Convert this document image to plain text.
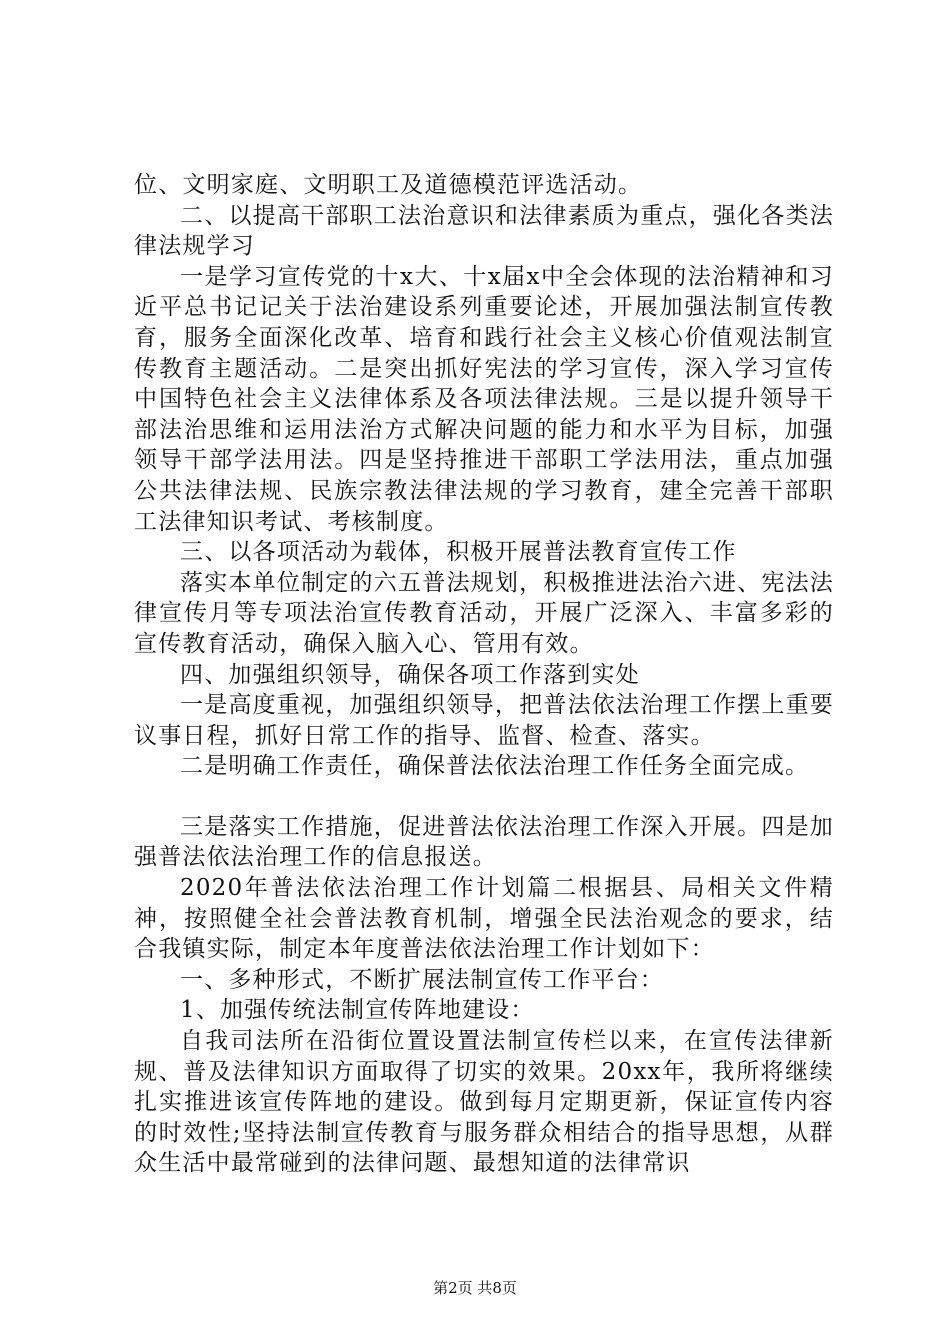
位、文明家庭、文明职工及道德模范评选活动。

二、以提高干部职工法治意识和法律素质为重点，强化各类法律法规学习

一是学习宣传党的十x大、十x届x中全会体现的法治精神和习近平总书记记关于法治建设系列重要论述，开展加强法制宣传教育，服务全面深化改革、培育和践行社会主义核心价值观法制宣传教育主题活动。二是突出抓好宪法的学习宣传，深入学习宣传中国特色社会主义法律体系及各项法律法规。三是以提升领导干部法治思维和运用法治方式解决问题的能力和水平为目标，加强领导干部学法用法。四是坚持推进干部职工学法用法，重点加强公共法律法规、民族宗教法律法规的学习教育，建全完善干部职工法律知识考试、考核制度。

三、以各项活动为载体，积极开展普法教育宣传工作

落实本单位制定的六五普法规划，积极推进法治六进、宪法法律宣传月等专项法治宣传教育活动，开展广泛深入、丰富多彩的宣传教育活动，确保入脑入心、管用有效。

四、加强组织领导，确保各项工作落到实处

一是高度重视，加强组织领导，把普法依法治理工作摆上重要议事日程，抓好日常工作的指导、监督、检查、落实。

二是明确工作责任，确保普法依法治理工作任务全面完成。

三是落实工作措施，促进普法依法治理工作深入开展。四是加强普法依法治理工作的信息报送。

2020年普法依法治理工作计划篇二根据县、局相关文件精神，按照健全社会普法教育机制，增强全民法治观念的要求，结合我镇实际，制定本年度普法依法治理工作计划如下：

一、多种形式，不断扩展法制宣传工作平台：

1、加强传统法制宣传阵地建设：

自我司法所在沿街位置设置法制宣传栏以来，在宣传法律新规、普及法律知识方面取得了切实的效果。20xx年，我所将继续扎实推进该宣传阵地的建设。做到每月定期更新，保证宣传内容的时效性;坚持法制宣传教育与服务群众相结合的指导思想，从群众生活中最常碰到的法律问题、最想知道的法律常识

第2页 共8页
